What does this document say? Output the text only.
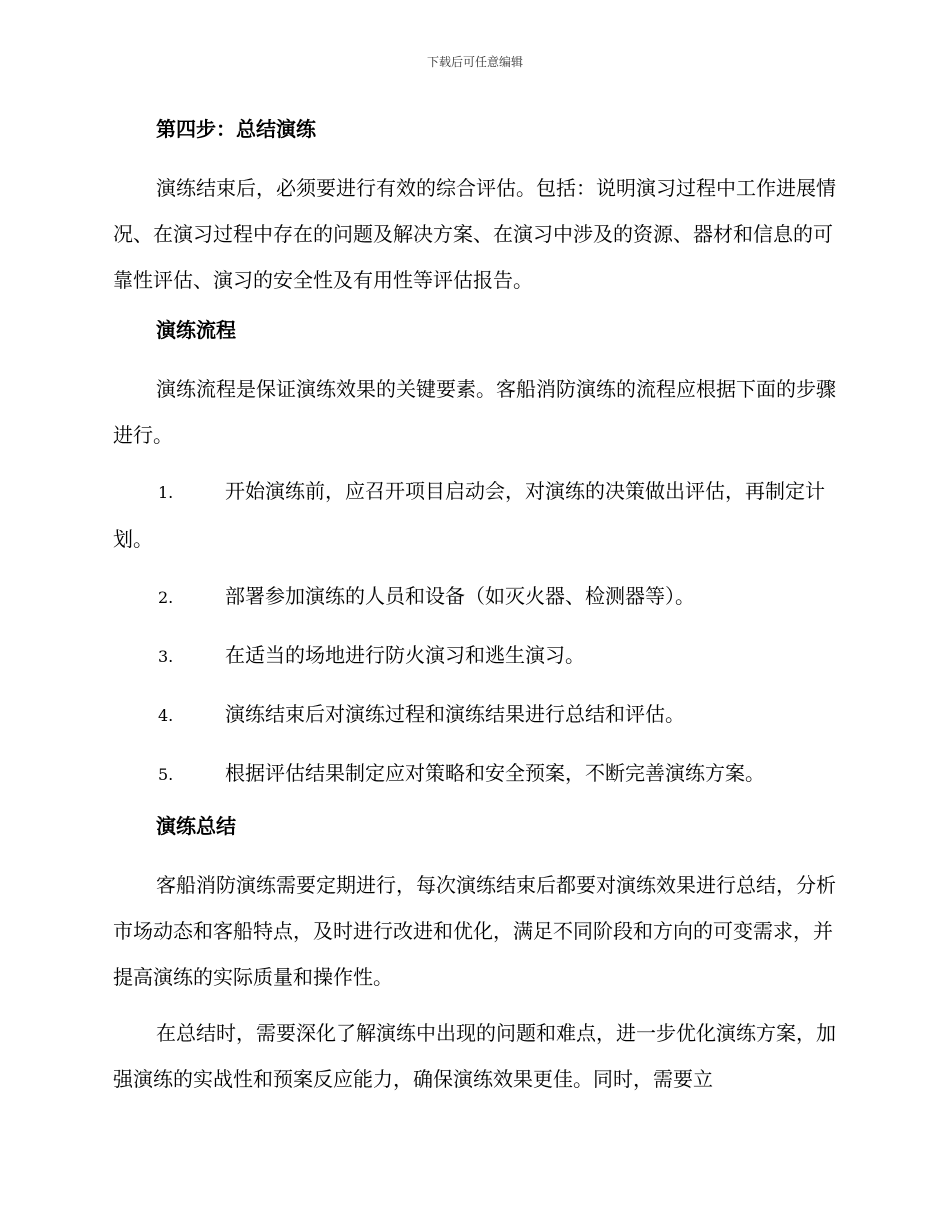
下载后可任意编辑
第四步：总结演练

演练结束后，必须要进行有效的综合评估。包括：说明演习过程中工作进展情况、在演习过程中存在的问题及解决方案、在演习中涉及的资源、器材和信息的可靠性评估、演习的安全性及有用性等评估报告。

演练流程

演练流程是保证演练效果的关键要素。客船消防演练的流程应根据下面的步骤进行。

1.	开始演练前，应召开项目启动会，对演练的决策做出评估，再制定计划。
2.	部署参加演练的人员和设备（如灭火器、检测器等）。
3.	在适当的场地进行防火演习和逃生演习。
4.	演练结束后对演练过程和演练结果进行总结和评估。
5.	根据评估结果制定应对策略和安全预案，不断完善演练方案。
演练总结

客船消防演练需要定期进行，每次演练结束后都要对演练效果进行总结，分析市场动态和客船特点，及时进行改进和优化，满足不同阶段和方向的可变需求，并提高演练的实际质量和操作性。

在总结时，需要深化了解演练中出现的问题和难点，进一步优化演练方案，加强演练的实战性和预案反应能力，确保演练效果更佳。同时，需要立
